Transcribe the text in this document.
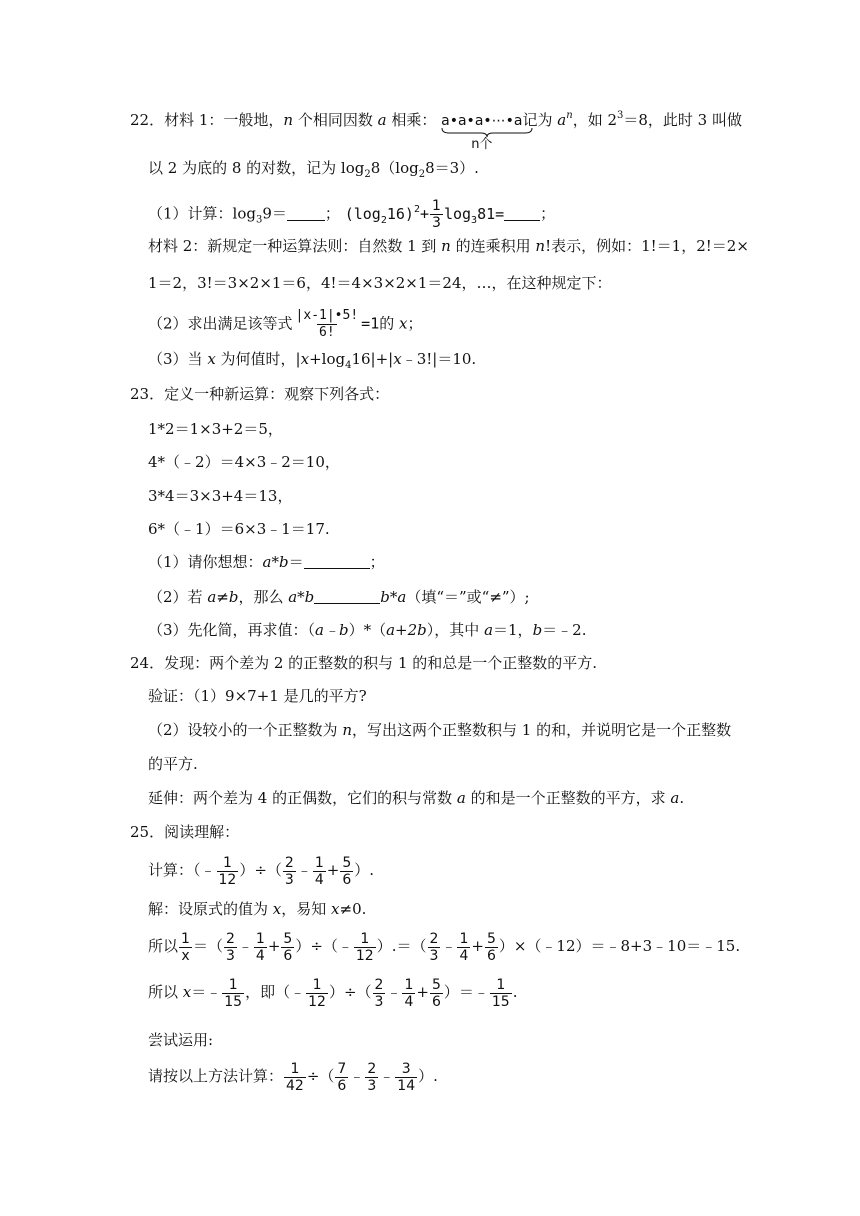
22．材料 1：一般地，n 个相同因数 a 相乘： a•a•a•⋯•a
n个
记为 $a^n$，如 $2^3=8$，此时 3 叫做
以 2 为底的 8 的对数，记为 $\log_28(\log_28=3)$.
（1）计算：$\log_39=$	； $(\log_216)^2+ \frac{1}{3} \log_381=$ ；
材料 2：新规定一种运算法则：自然数 1 到 n 的连乘积用 n!表示，例如：1!＝1，2!＝2×
1＝2，3!＝3×2×1＝6，4!＝4×3×2×1＝24，…，在这种规定下：
（2）求出满足该等式 $\frac{|x-1|•5!}{6!} =1$的 x；
（3）当 x 为何值时，$|x+\log_416|+|x﹣3!|=10$.
23．定义一种新运算：观察下列各式：
1*2＝1×3+2＝5，
4*（﹣2）＝4×3﹣2＝10，
3*4＝3×3+4＝13，
6*（﹣1）＝6×3﹣1＝17.
（1）请你想想：a*b＝	；
（2）若 a≠b，那么 a*b	b*a（填“＝”或“≠”）;
（3）先化简，再求值：（a﹣b）*（a+2b），其中 a＝1，b＝﹣2.
24．发现：两个差为 2 的正整数的积与 1 的和总是一个正整数的平方.
验证：（1）9×7+1 是几的平方?
（2）设较小的一个正整数为 n，写出这两个正整数积与 1 的和，并说明它是一个正整数
的平方.
延伸：两个差为 4 的正偶数，它们的积与常数 a 的和是一个正整数的平方，求 a.
25．阅读理解：
计算：（﹣ $\frac{1}{12}$ ）÷（ $\frac{2}{3}$ ﹣ $\frac{1}{4} + \frac{5}{6}$ ）.
解：设原式的值为 x，易知 x≠0.
所以 $\frac{1}{x}$ ＝（ $\frac{2}{3}$ ﹣ $\frac{1}{4} + \frac{5}{6}$ ）÷（﹣ $\frac{1}{12}$ ）.＝（ $\frac{2}{3}$ ﹣ $\frac{1}{4} + \frac{5}{6}$ ）×（﹣12）＝﹣8+3﹣10＝﹣15.
所以 x＝﹣ $\frac{1}{15}$ ，即（﹣ $\frac{1}{12}$ ）÷（ $\frac{2}{3}$ ﹣ $\frac{1}{4} + \frac{5}{6}$ ）＝﹣ $\frac{1}{15}$ .
尝试运用:
请按以上方法计算： $\frac{1}{42}$ ÷（ $\frac{7}{6}$ ﹣ $\frac{2}{3}$ ﹣ $\frac{3}{14}$ ）.
